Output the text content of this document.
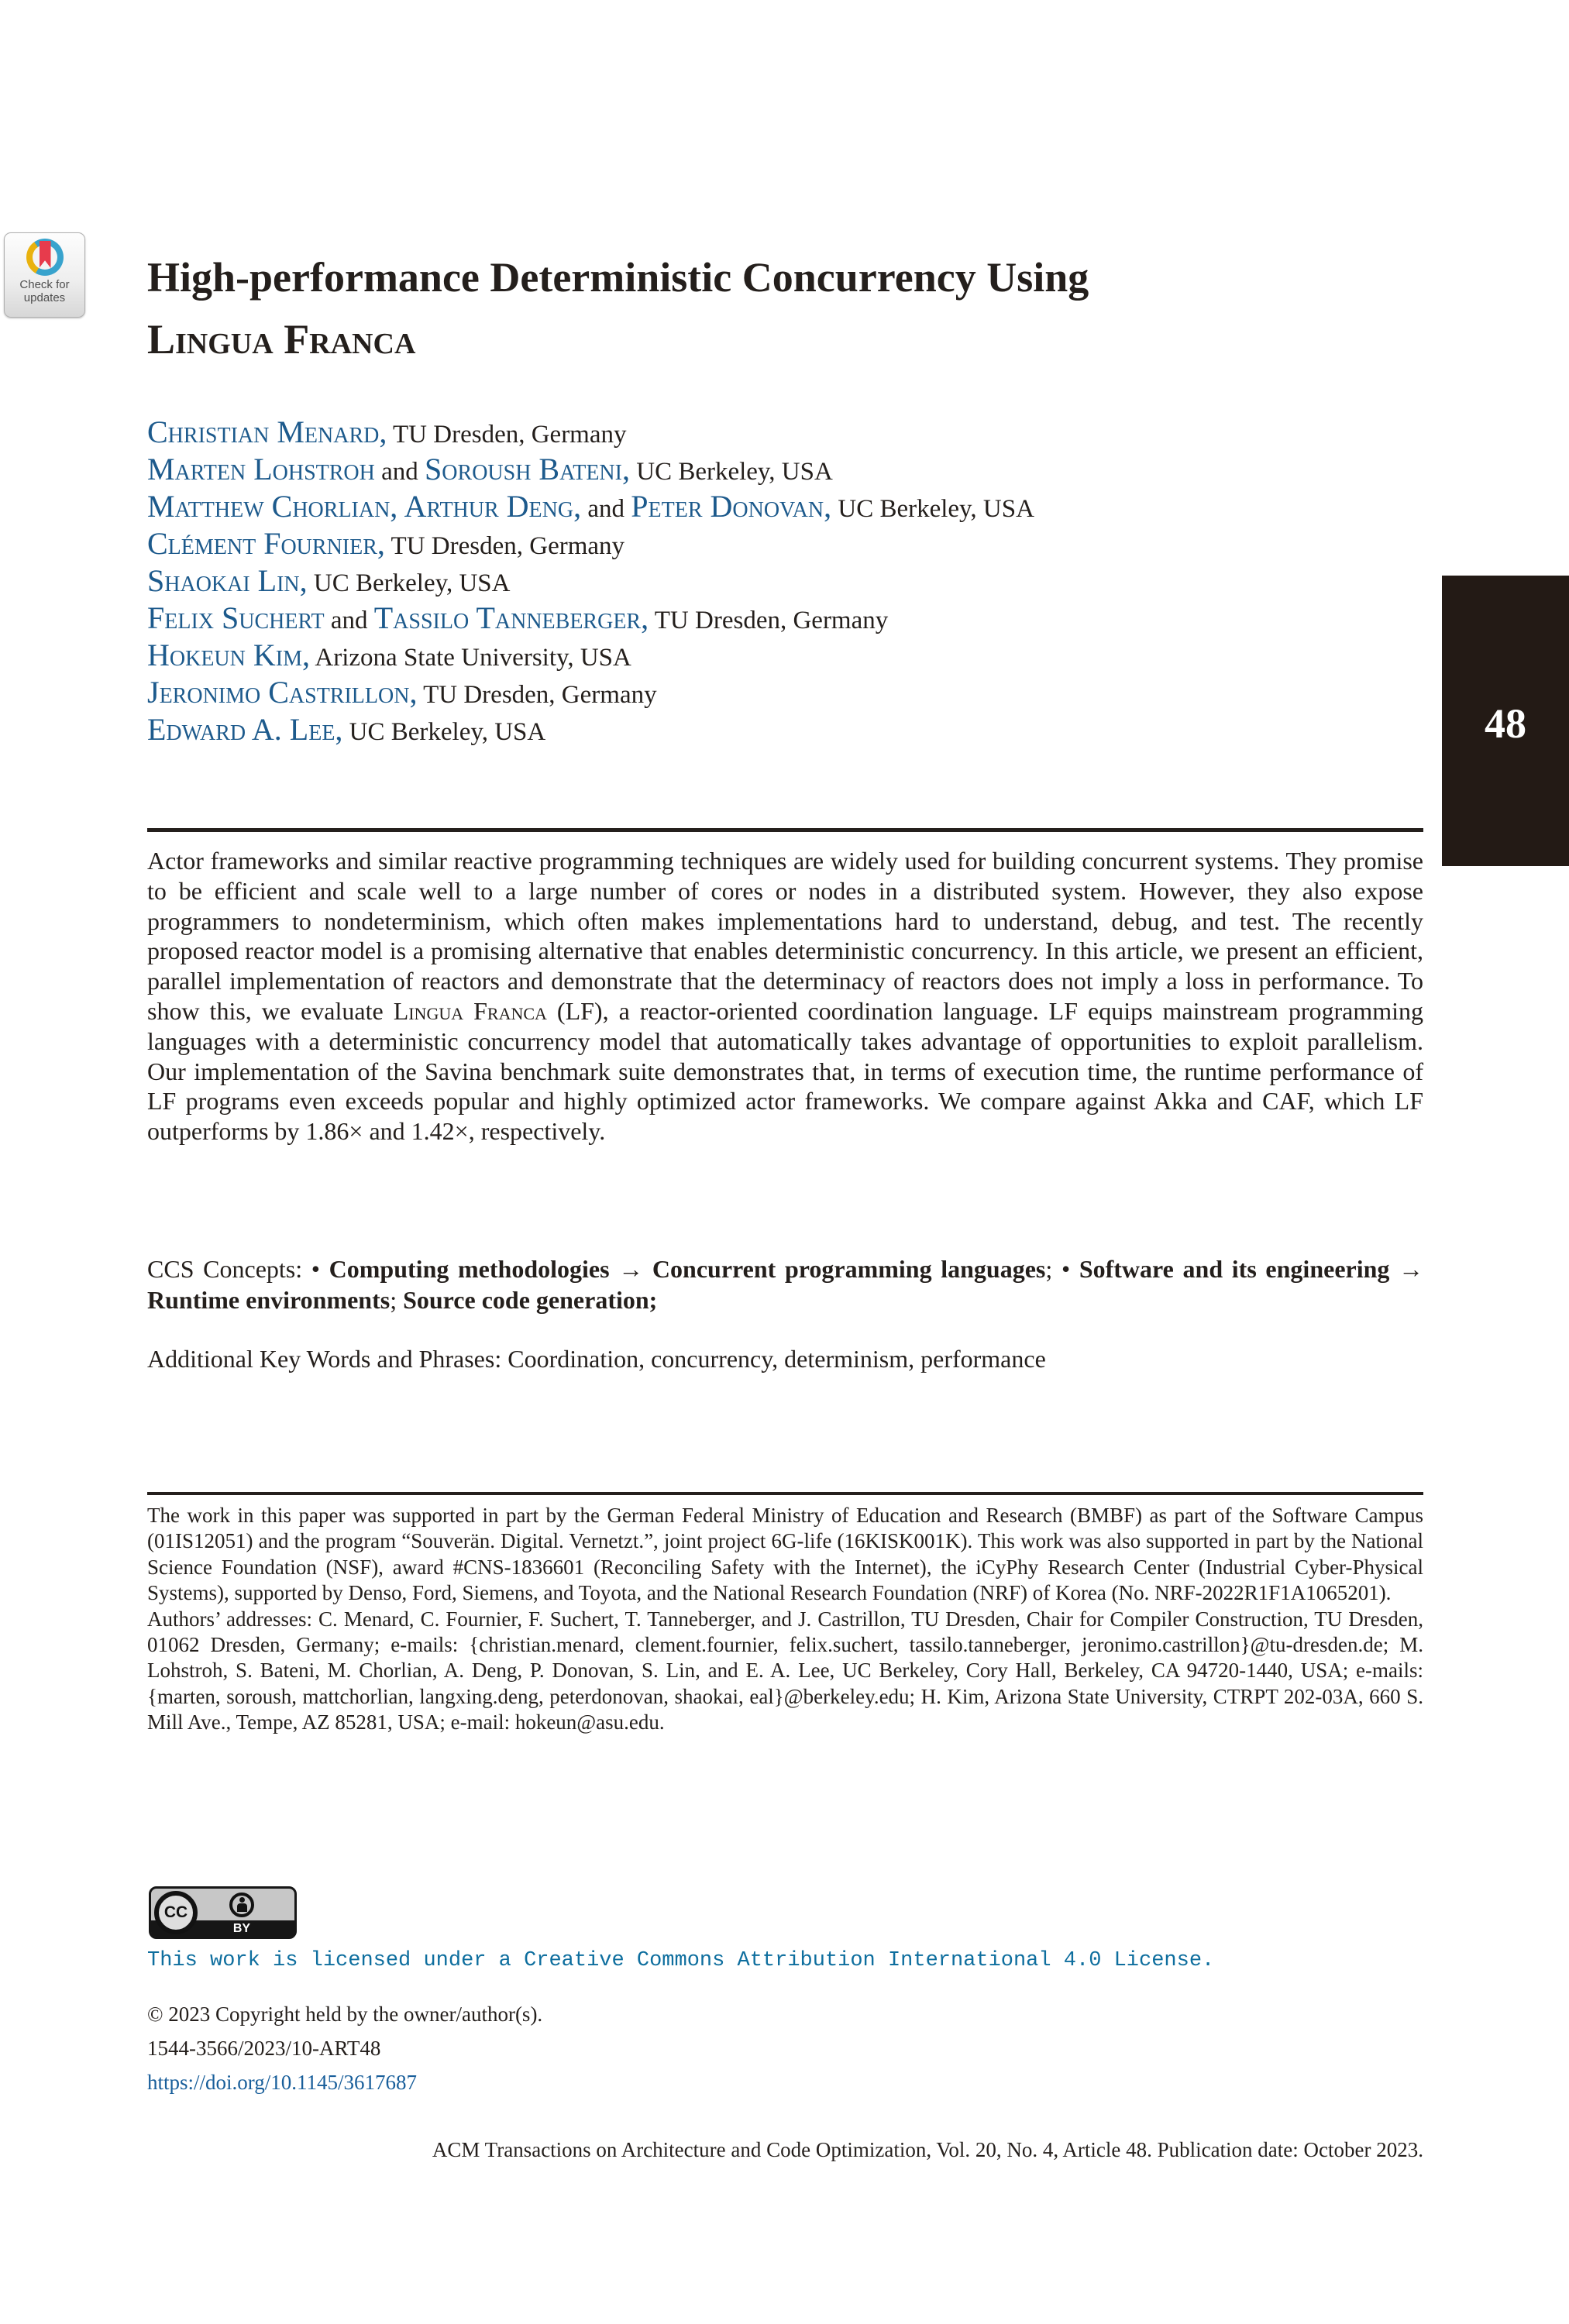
Check for
updates
48
High-performance Deterministic Concurrency Using
Lingua Franca
Christian Menard, TU Dresden, Germany
Marten Lohstroh and Soroush Bateni, UC Berkeley, USA
Matthew Chorlian, Arthur Deng, and Peter Donovan, UC Berkeley, USA
Clément Fournier, TU Dresden, Germany
Shaokai Lin, UC Berkeley, USA
Felix Suchert and Tassilo Tanneberger, TU Dresden, Germany
Hokeun Kim, Arizona State University, USA
Jeronimo Castrillon, TU Dresden, Germany
Edward A. Lee, UC Berkeley, USA

Actor frameworks and similar reactive programming techniques are widely used for building concurrent systems. They promise to be efficient and scale well to a large number of cores or nodes in a distributed system. However, they also expose programmers to nondeterminism, which often makes implementations hard to understand, debug, and test. The recently proposed reactor model is a promising alternative that enables deterministic concurrency. In this article, we present an efficient, parallel implementation of reactors and demonstrate that the determinacy of reactors does not imply a loss in performance. To show this, we evaluate Lingua Franca (LF), a reactor-oriented coordination language. LF equips mainstream programming languages with a deterministic concurrency model that automatically takes advantage of opportunities to exploit parallelism. Our implementation of the Savina benchmark suite demonstrates that, in terms of execution time, the runtime performance of LF programs even exceeds popular and highly optimized actor frameworks. We compare against Akka and CAF, which LF outperforms by 1.86× and 1.42×, respectively.

CCS Concepts: • Computing methodologies → Concurrent programming languages; • Software and its engineering → Runtime environments; Source code generation;

Additional Key Words and Phrases: Coordination, concurrency, determinism, performance

The work in this paper was supported in part by the German Federal Ministry of Education and Research (BMBF) as part of the Software Campus (01IS12051) and the program “Souverän. Digital. Vernetzt.”, joint project 6G-life (16KISK001K). This work was also supported in part by the National Science Foundation (NSF), award #CNS-1836601 (Reconciling Safety with the Internet), the iCyPhy Research Center (Industrial Cyber-Physical Systems), supported by Denso, Ford, Siemens, and Toyota, and the National Research Foundation (NRF) of Korea (No. NRF-2022R1F1A1065201).

Authors’ addresses: C. Menard, C. Fournier, F. Suchert, T. Tanneberger, and J. Castrillon, TU Dresden, Chair for Compiler Construction, TU Dresden, 01062 Dresden, Germany; e-mails: {christian.menard, clement.fournier, felix.suchert, tassilo.tanneberger, jeronimo.castrillon}@tu-dresden.de; M. Lohstroh, S. Bateni, M. Chorlian, A. Deng, P. Donovan, S. Lin, and E. A. Lee, UC Berkeley, Cory Hall, Berkeley, CA 94720-1440, USA; e-mails: {marten, soroush, mattchorlian, langxing.deng, peterdonovan, shaokai, eal}@berkeley.edu; H. Kim, Arizona State University, CTRPT 202-03A, 660 S. Mill Ave., Tempe, AZ 85281, USA; e-mail: hokeun@asu.edu.

CC
BY

This work is licensed under a Creative Commons Attribution International 4.0 License.

© 2023 Copyright held by the owner/author(s).

1544-3566/2023/10-ART48

https://doi.org/10.1145/3617687

ACM Transactions on Architecture and Code Optimization, Vol. 20, No. 4, Article 48. Publication date: October 2023.
